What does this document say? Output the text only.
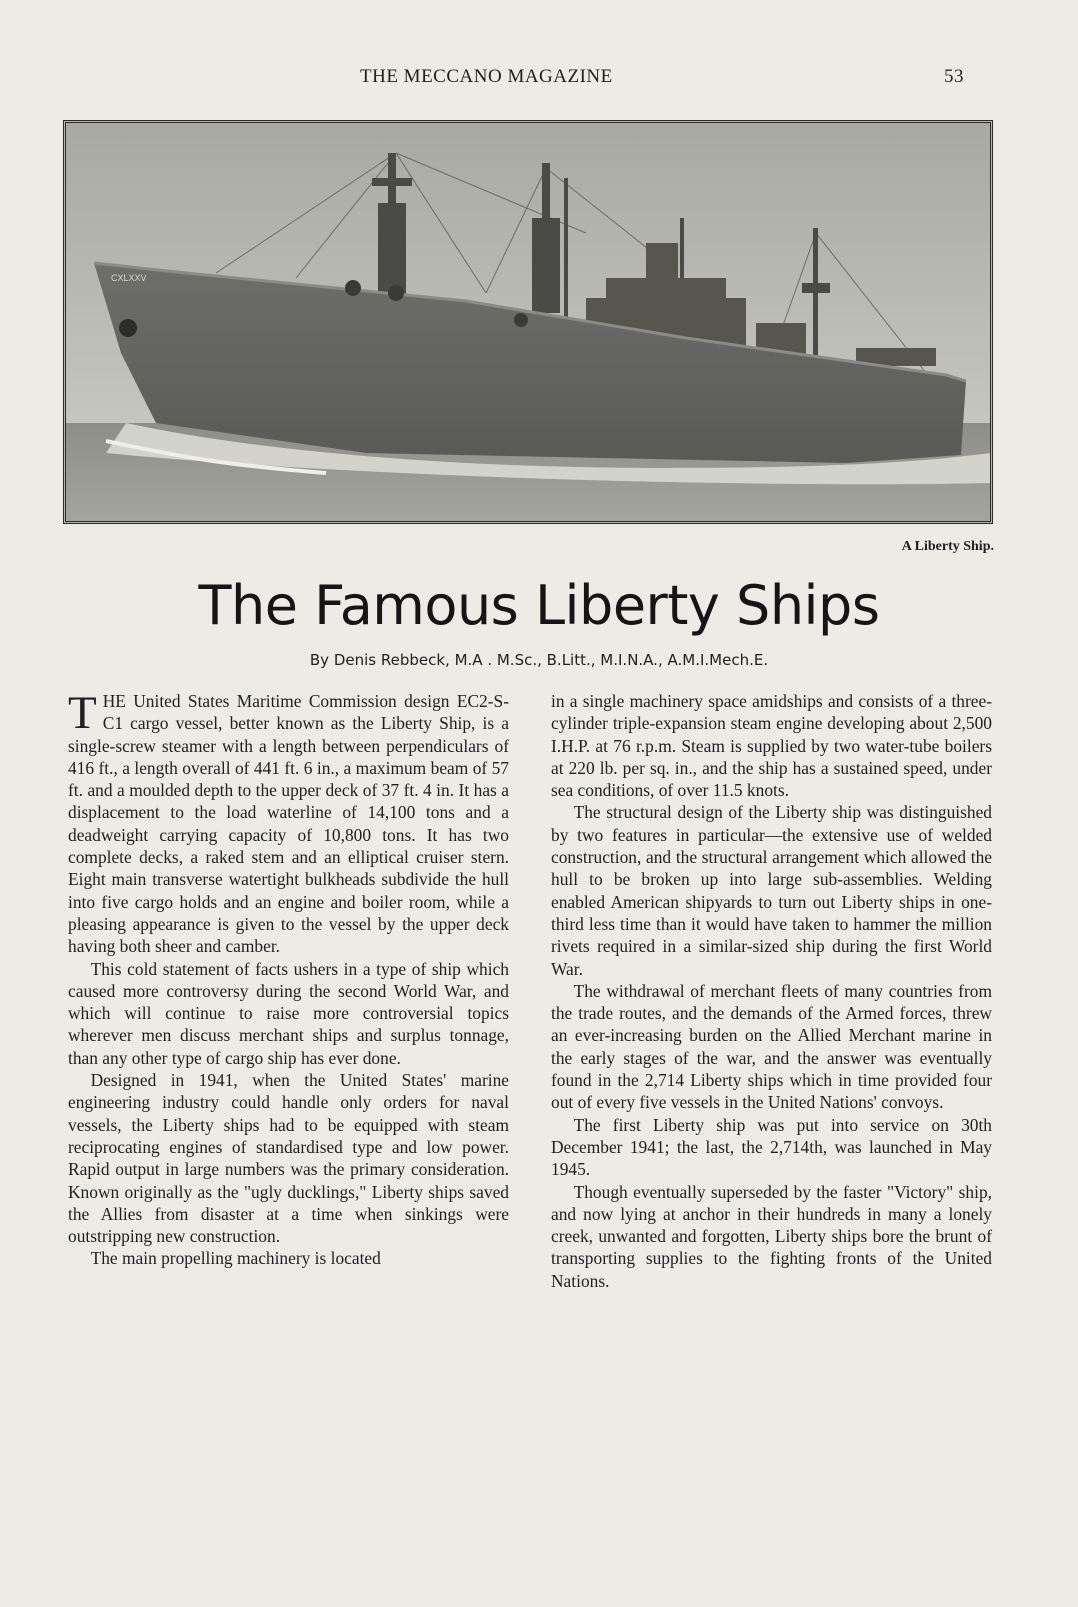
THE MECCANO MAGAZINE	53
CXLXXV
A Liberty Ship.
The Famous Liberty Ships
By Denis Rebbeck, M.A . M.Sc., B.Litt., M.I.N.A., A.M.I.Mech.E.

THE United States Maritime Commission design EC2-S-C1 cargo vessel, better known as the Liberty Ship, is a single-screw steamer with a length between perpendiculars of 416 ft., a length overall of 441 ft. 6 in., a maximum beam of 57 ft. and a moulded depth to the upper deck of 37 ft. 4 in. It has a displacement to the load waterline of 14,100 tons and a deadweight carrying capacity of 10,800 tons. It has two complete decks, a raked stem and an elliptical cruiser stern. Eight main transverse watertight bulkheads subdivide the hull into five cargo holds and an engine and boiler room, while a pleasing appearance is given to the vessel by the upper deck having both sheer and camber.

This cold statement of facts ushers in a type of ship which caused more controversy during the second World War, and which will continue to raise more controversial topics wherever men discuss merchant ships and surplus tonnage, than any other type of cargo ship has ever done.

Designed in 1941, when the United States' marine engineering industry could handle only orders for naval vessels, the Liberty ships had to be equipped with steam reciprocating engines of standardised type and low power. Rapid output in large numbers was the primary consideration. Known originally as the "ugly ducklings," Liberty ships saved the Allies from disaster at a time when sinkings were outstripping new construction.

The main propelling machinery is located

in a single machinery space amidships and consists of a three-cylinder triple-expansion steam engine developing about 2,500 I.H.P. at 76 r.p.m. Steam is supplied by two water-tube boilers at 220 lb. per sq. in., and the ship has a sustained speed, under sea conditions, of over 11.5 knots.

The structural design of the Liberty ship was distinguished by two features in particular—the extensive use of welded construction, and the structural arrangement which allowed the hull to be broken up into large sub-assemblies. Welding enabled American shipyards to turn out Liberty ships in one-third less time than it would have taken to hammer the million rivets required in a similar-sized ship during the first World War.

The withdrawal of merchant fleets of many countries from the trade routes, and the demands of the Armed forces, threw an ever-increasing burden on the Allied Merchant marine in the early stages of the war, and the answer was eventually found in the 2,714 Liberty ships which in time provided four out of every five vessels in the United Nations' convoys.

The first Liberty ship was put into service on 30th December 1941; the last, the 2,714th, was launched in May 1945.

Though eventually superseded by the faster "Victory" ship, and now lying at anchor in their hundreds in many a lonely creek, unwanted and forgotten, Liberty ships bore the brunt of transporting supplies to the fighting fronts of the United Nations.
